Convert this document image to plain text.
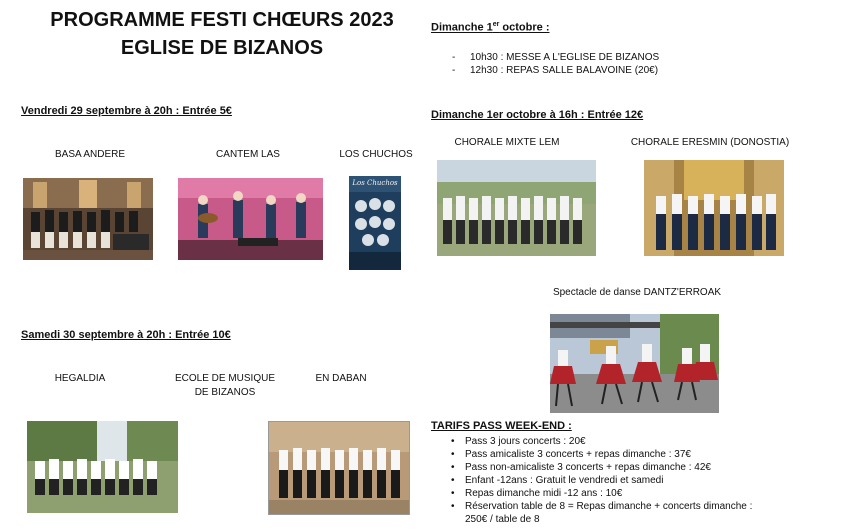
PROGRAMME FESTI CHŒURS 2023
EGLISE DE BIZANOS
Vendredi 29 septembre à 20h : Entrée 5€
BASA ANDERE	CANTEM LAS	LOS CHUCHOS
Los Chuchos
Samedi 30 septembre à 20h : Entrée 10€
HEGALDIA	ECOLE DE MUSIQUE
DE BIZANOS
EN DABAN
Dimanche 1er octobre :
- 10h30 : MESSE A L'EGLISE DE BIZANOS
- 12h30 : REPAS SALLE BALAVOINE (20€)
Dimanche 1er octobre à 16h : Entrée 12€
CHORALE MIXTE LEM	CHORALE ERESMIN (DONOSTIA)
Spectacle de danse DANTZ'ERROAK
TARIFS PASS WEEK-END :
• Pass 3 jours concerts : 20€
• Pass amicaliste 3 concerts + repas dimanche : 37€
• Pass non-amicaliste 3 concerts + repas dimanche : 42€
• Enfant -12ans : Gratuit le vendredi et samedi
• Repas dimanche midi -12 ans : 10€
• Réservation table de 8 = Repas dimanche + concerts dimanche :
250€ / table de 8
